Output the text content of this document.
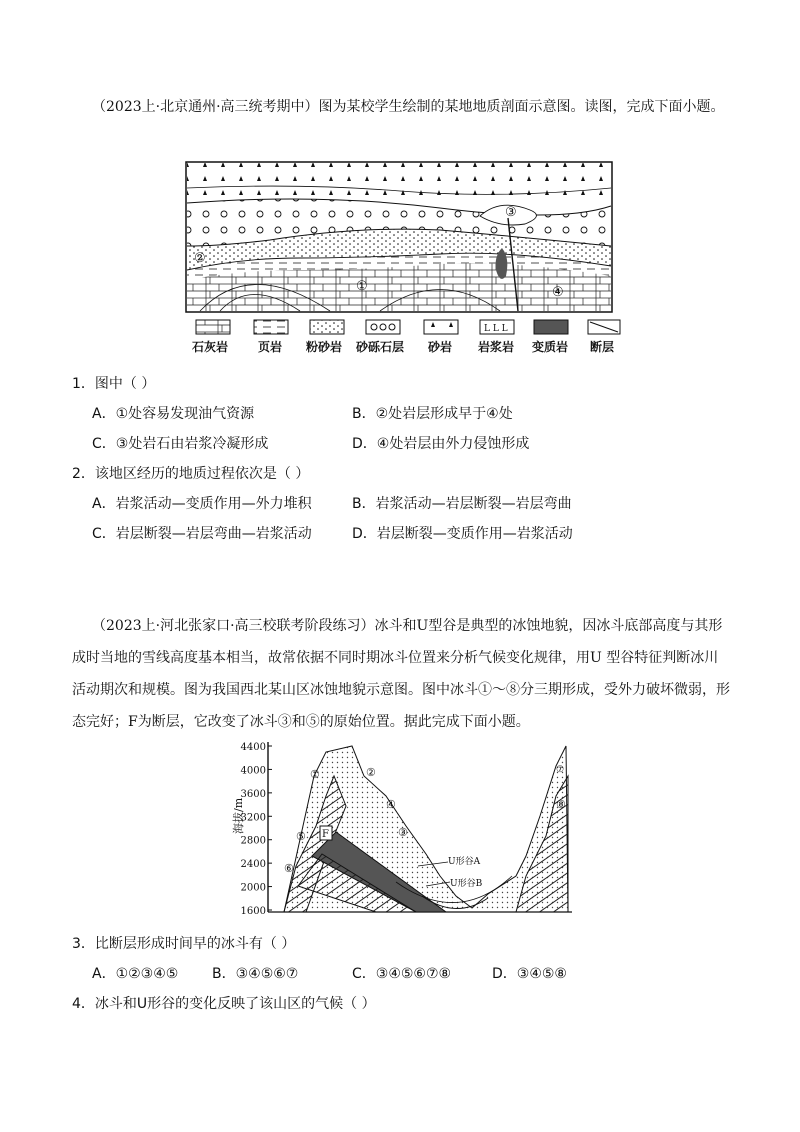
（2023上·北京通州·高三统考期中）图为某校学生绘制的某地地质剖面示意图。读图，完成下面小题。
②
③
①	④
L L L
石灰岩 页岩 粉砂岩 砂砾石层 砂岩 岩浆岩 变质岩 断层
1．图中（ ）
A．①处容易发现油气资源	B．②处岩层形成早于④处
C．③处岩石由岩浆冷凝形成	D．④处岩层由外力侵蚀形成
2．该地区经历的地质过程依次是（ ）
A．岩浆活动—变质作用—外力堆积	B．岩浆活动—岩层断裂—岩层弯曲
C．岩层断裂—岩层弯曲—岩浆活动	D．岩层断裂—变质作用—岩浆活动
（2023上·河北张家口·高三校联考阶段练习）冰斗和U型谷是典型的冰蚀地貌，因冰斗底部高度与其形成时当地的雪线高度基本相当，故常依据不同时期冰斗位置来分析气候变化规律，用U 型谷特征判断冰川活动期次和规模。图为我国西北某山区冰蚀地貌示意图。图中冰斗①～⑧分三期形成，受外力破坏微弱，形态完好；F为断层，它改变了冰斗③和⑤的原始位置。据此完成下面小题。
4400
4000
3600
3200
2800
2400
2000
1600
海拔/m
F
①	②
④
③
⑤
⑥
⑦
⑧
U形谷A
U形谷B
3．比断层形成时间早的冰斗有（ ）
A．①②③④⑤ B．③④⑤⑥⑦	C．③④⑤⑥⑦⑧	D．③④⑤⑧
4．冰斗和U形谷的变化反映了该山区的气候（ ）
